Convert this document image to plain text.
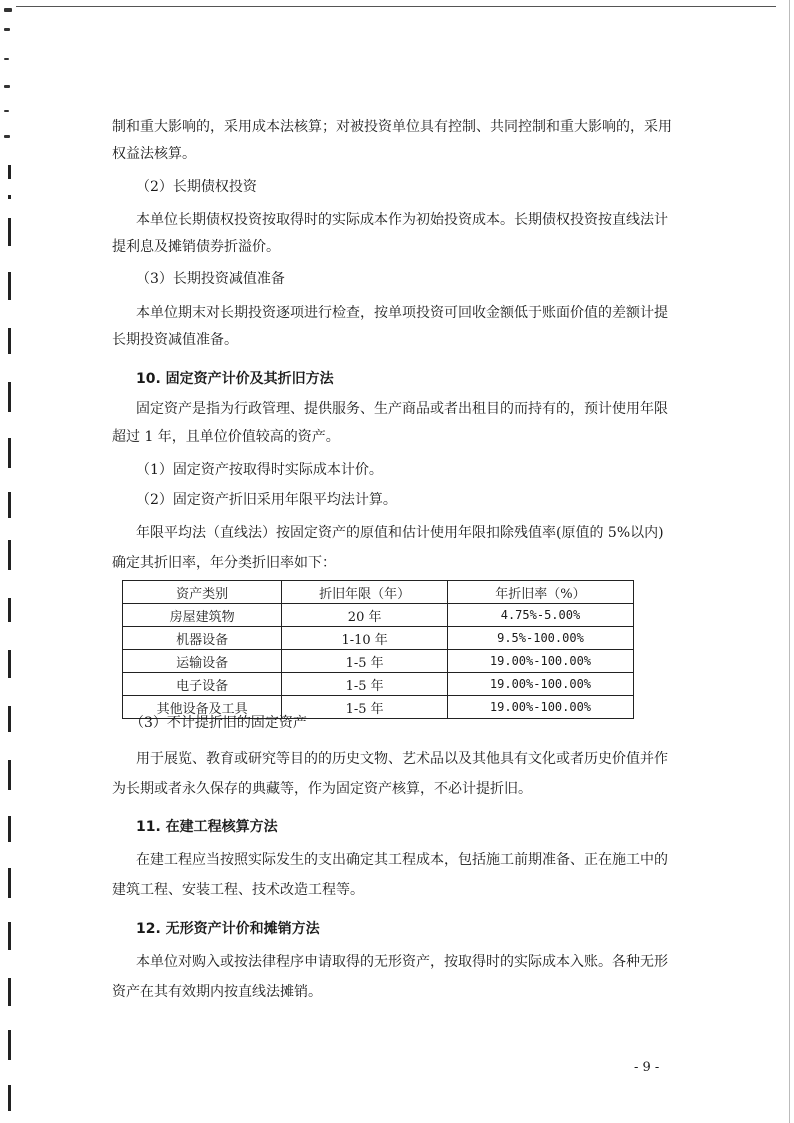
制和重大影响的，采用成本法核算；对被投资单位具有控制、共同控制和重大影响的，采用
权益法核算。
（2）长期债权投资
本单位长期债权投资按取得时的实际成本作为初始投资成本。长期债权投资按直线法计
提利息及摊销债券折溢价。
（3）长期投资减值准备
本单位期末对长期投资逐项进行检查，按单项投资可回收金额低于账面价值的差额计提
长期投资减值准备。
10. 固定资产计价及其折旧方法
固定资产是指为行政管理、提供服务、生产商品或者出租目的而持有的，预计使用年限
超过 1 年，且单位价值较高的资产。
（1）固定资产按取得时实际成本计价。
（2）固定资产折旧采用年限平均法计算。
年限平均法（直线法）按固定资产的原值和估计使用年限扣除残值率(原值的 5%以内)
确定其折旧率，年分类折旧率如下：
资产类别	折旧年限（年）	年折旧率（%）
房屋建筑物	20 年	4.75%-5.00%
机器设备	1-10 年	9.5%-100.00%
运输设备	1-5 年	19.00%-100.00%
电子设备	1-5 年	19.00%-100.00%
其他设备及工具	1-5 年	19.00%-100.00%
（3）不计提折旧的固定资产
用于展览、教育或研究等目的的历史文物、艺术品以及其他具有文化或者历史价值并作
为长期或者永久保存的典藏等，作为固定资产核算，不必计提折旧。
11. 在建工程核算方法
在建工程应当按照实际发生的支出确定其工程成本，包括施工前期准备、正在施工中的
建筑工程、安装工程、技术改造工程等。
12. 无形资产计价和摊销方法
本单位对购入或按法律程序申请取得的无形资产，按取得时的实际成本入账。各种无形
资产在其有效期内按直线法摊销。
- 9 -
